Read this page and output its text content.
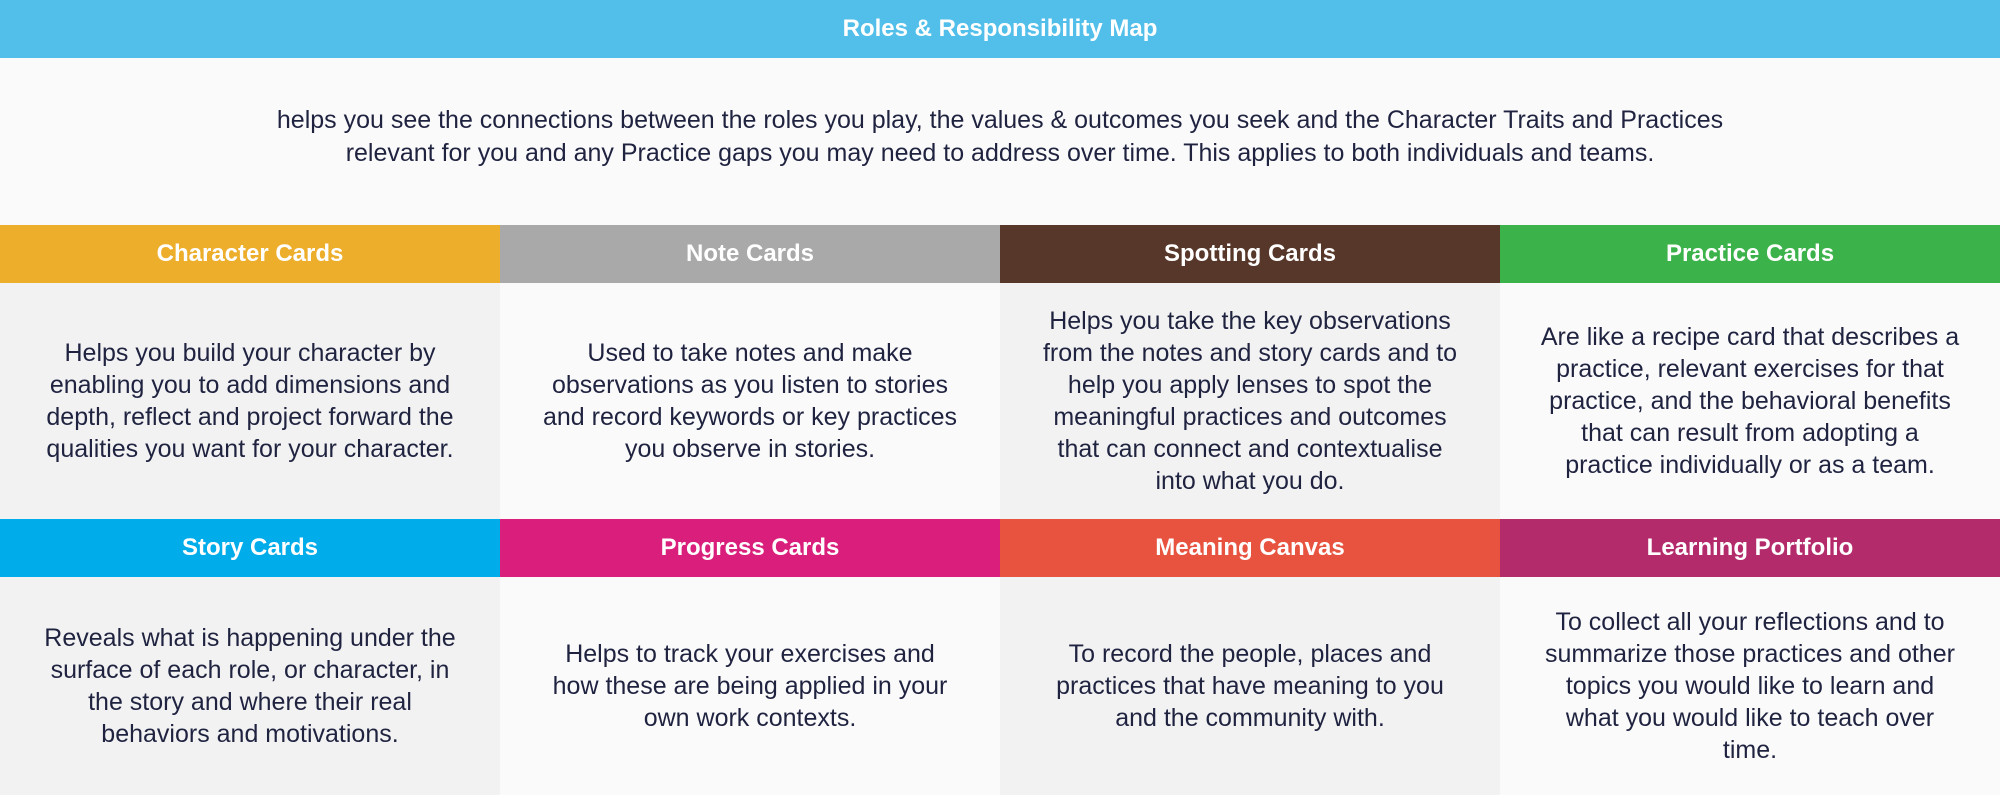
Roles & Responsibility Map
helps you see the connections between the roles you play, the values & outcomes you seek and the Character Traits and Practices relevant for you and any Practice gaps you may need to address over time. This applies to both individuals and teams.
Character Cards
Helps you build your character by enabling you to add dimensions and depth, reflect and project forward the qualities you want for your character.
Note Cards
Used to take notes and make observations as you listen to stories and record keywords or key practices you observe in stories.
Spotting Cards
Helps you take the key observations from the notes and story cards and to help you apply lenses to spot the meaningful practices and outcomes that can connect and contextualise into what you do.
Practice Cards
Are like a recipe card that describes a practice, relevant exercises for that practice, and the behavioral benefits that can result from adopting a practice individually or as a team.
Story Cards
Reveals what is happening under the surface of each role, or character, in the story and where their real behaviors and motivations.
Progress Cards
Helps to track your exercises and how these are being applied in your own work contexts.
Meaning Canvas
To record the people, places and practices that have meaning to you and the community with.
Learning Portfolio
To collect all your reflections and to summarize those practices and other topics you would like to learn and what you would like to teach over time.
